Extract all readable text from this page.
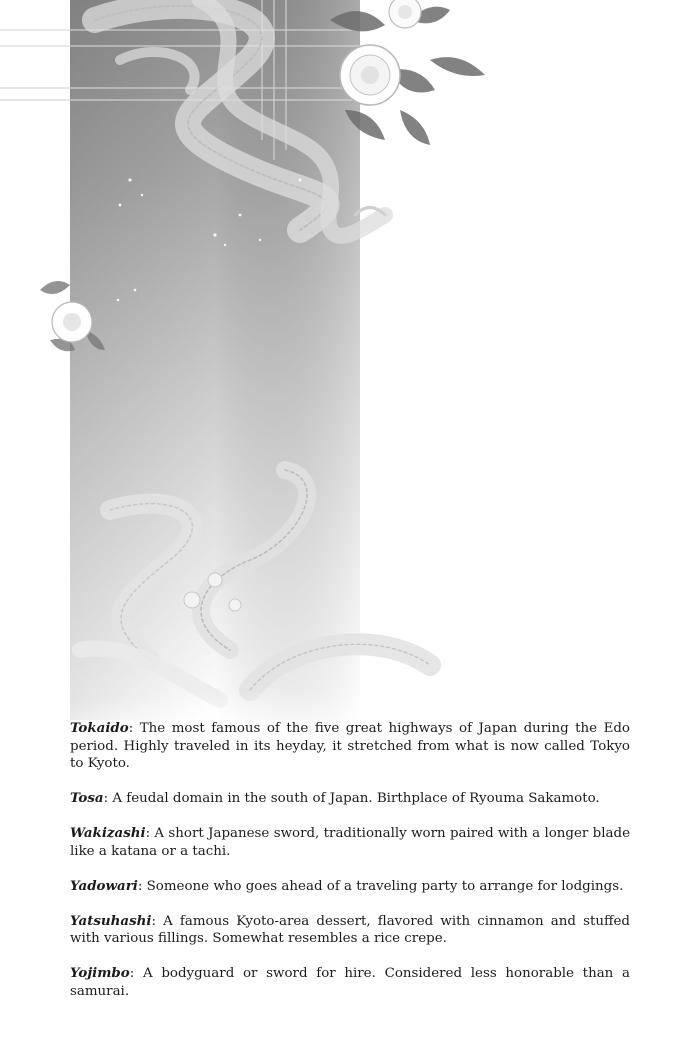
Tokaido: The most famous of the five great highways of Japan during the Edo period. Highly traveled in its heyday, it stretched from what is now called Tokyo to Kyoto.
Tosa: A feudal domain in the south of Japan. Birthplace of Ryouma Sakamoto.
Wakizashi: A short Japanese sword, traditionally worn paired with a longer blade like a katana or a tachi.
Yadowari: Someone who goes ahead of a traveling party to arrange for lodgings.
Yatsuhashi: A famous Kyoto-area dessert, flavored with cinnamon and stuffed with various fillings. Somewhat resembles a rice crepe.
Yojimbo: A bodyguard or sword for hire. Considered less honorable than a samurai.
